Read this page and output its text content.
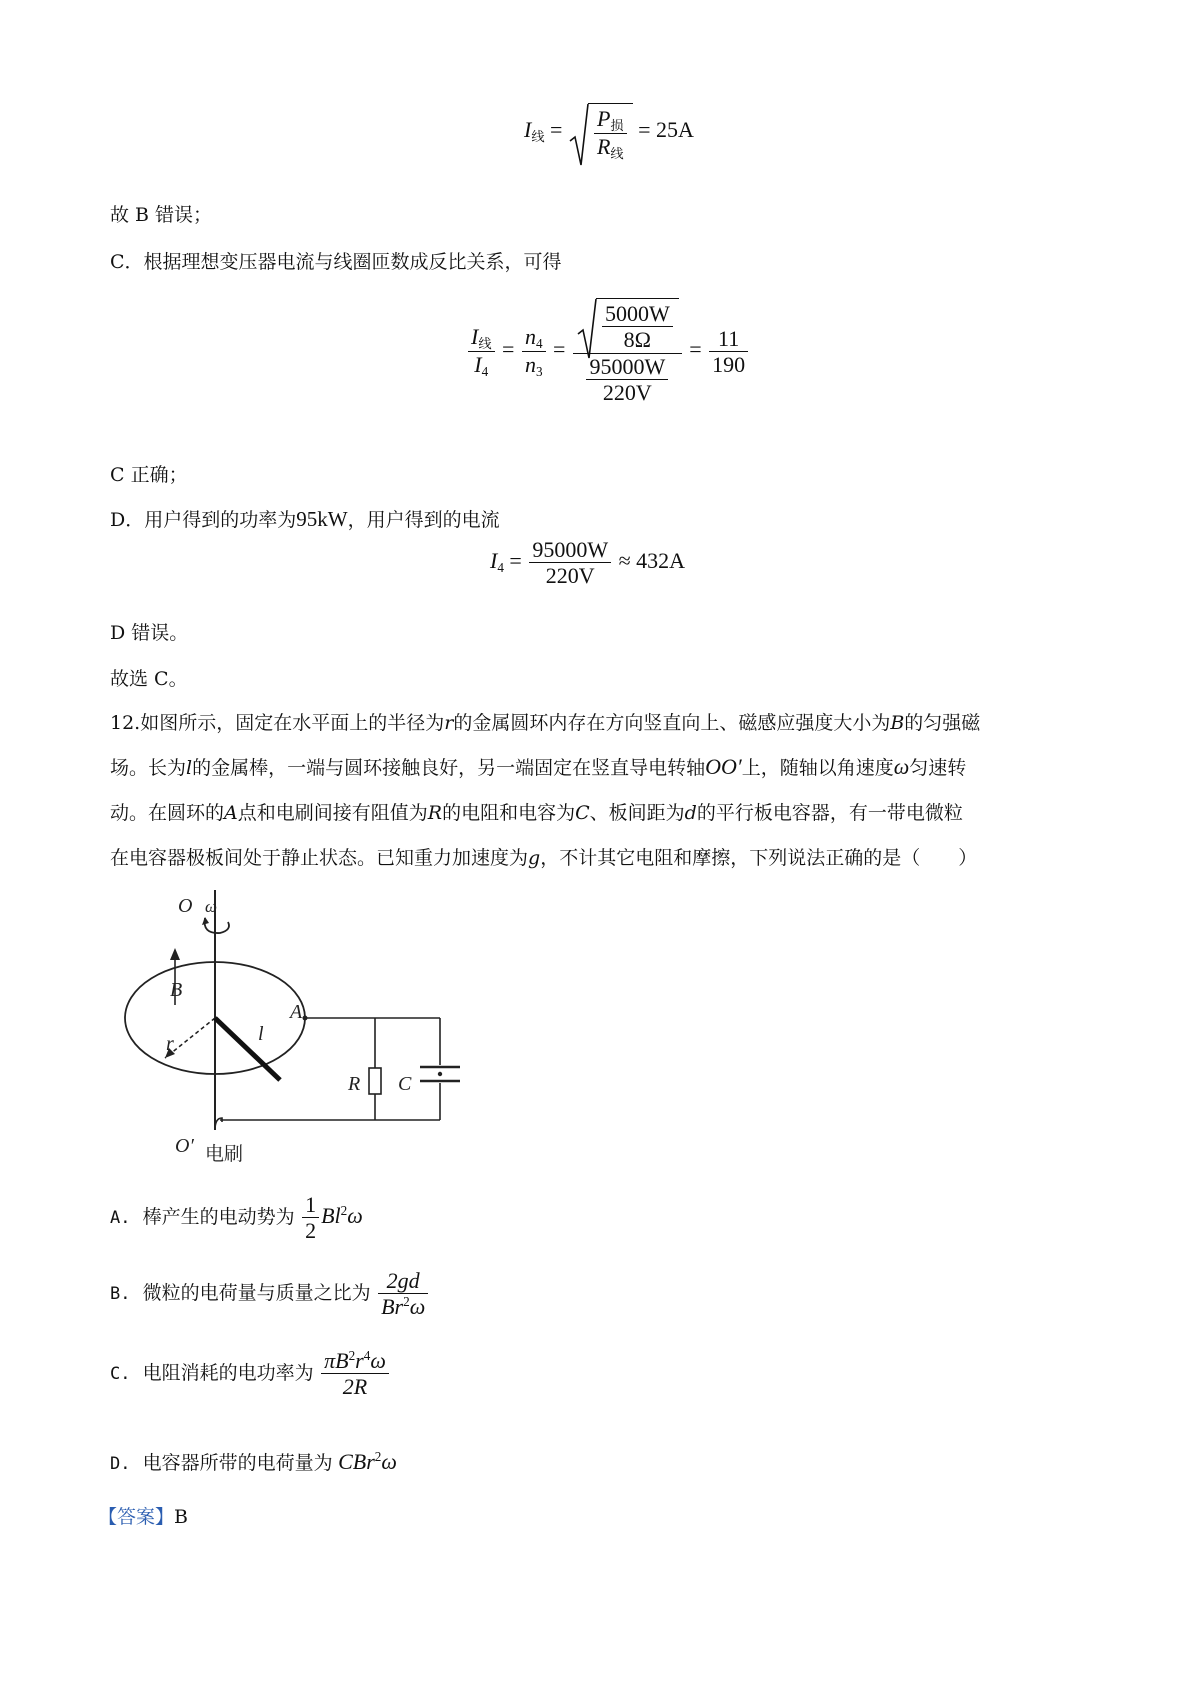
$I_线 = \frac{P_损}{R_线} = 25A$
故 B 错误；
C．根据理想变压器电流与线圈匝数成反比关系，可得
$\frac{I_线}{I_4} = \frac{n_4}{n_3} = \frac{\frac{5000W}{8\Omega}}{\frac{95000W}{220V}} = \frac{11}{190}$
C 正确；
D．用户得到的功率为95kW，用户得到的电流
$I_4 = \frac{95000W}{220V} \approx 432A$
D 错误。
故选 C。
12.如图所示，固定在水平面上的半径为r的金属圆环内存在方向竖直向上、磁感应强度大小为B的匀强磁
场。长为l的金属棒，一端与圆环接触良好，另一端固定在竖直导电转轴OO′上，随轴以角速度ω匀速转
动。在圆环的A点和电刷间接有阻值为R的电阻和电容为C、板间距为d的平行板电容器，有一带电微粒
在电容器极板间处于静止状态。已知重力加速度为g，不计其它电阻和摩擦，下列说法正确的是（　　）
O ω
B
A
r	l
R C
O′ 电刷
A. 棒产生的电动势为 $\frac{1}{2} Bl^2\omega$
B. 微粒的电荷量与质量之比为 $\frac{2gd}{Br^2\omega}$
C. 电阻消耗的电功率为 $\frac{\pi B^2r^4\omega}{2R}$
D. 电容器所带的电荷量为 CBr$^2$ω
【答案】B
